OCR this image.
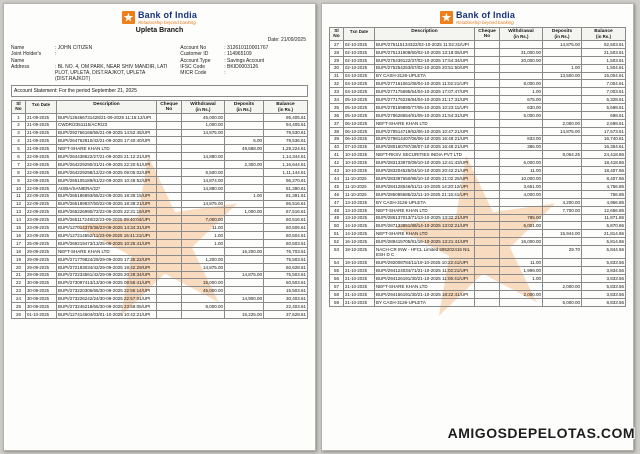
Bank of India
Relationship beyond banking
Upleta Branch
Date: 21/09/2025
Name	: JOHN CITIZEN
Joint Holder's Name
:
Address	: BL NO. 4, OM PARK, NEAR SHIV MANDIR, LATI PLOT, UPLETA, DIST.RAJKOT, UPLETA (DIST.RAJKOT)
Account No	: 312610110001767
Customer ID	: 114965109
Account Type	: Savings Account
IFSC Code	: BKID0003126
MICR Code	:
Account Statement: For the period September 21, 2025
Sl No	Txn Date	Description	Cheque No	Withdrawal
(in Rs.)	Deposits
(in Rs.)	Balance
(in Rs.)

1	21-09-2025	BUPI/126466731428/21-09-2025 11:15:12/UPI		45,000.00		95,405.61
2	21-09-2025	CWDR/2351115/ACR/23		1,000.00		94,405.61
3	21-09-2025	BUPI/292766166/55/21-09-2025 14:52:45/UPI		14,875.00		79,530.61
4	21-09-2025	BUPI/264762810/42/21-09-2025 17:40:40/UPI			6.00	79,536.61
5	21-09-2025	NEFT-SHARE KHAN LTD			49,688.00	1,29,224.61
6	22-09-2025	BUPI/264438622/27/21-09-2025 21:12:21/UPI		14,880.00		1,14,344.61
7	22-09-2025	BUPI/264229290/31/21-09-2025 22:20:51/UPI			2,300.00	1,16,644.61
8	22-09-2025	BUPI/264229298/12/22-09-2025 09:05:02/UPI		5,500.00		1,11,144.61
9	22-09-2025	BUPI/265105189/61/22-09-2025 10:48:52/UPI		14,874.00		96,270.61
10	22-09-2025	AISBA/SANIERA/22*		14,880.00		81,390.61
11	22-09-2025	BUPI/265186893/65/22-09-2025 18:36:15/UPI			1.00	81,391.61
12	22-09-2025	BUPI/265189937/50/22-09-2025 18:38:21/UPI		14,875.00		66,516.61
13	22-09-2025	BUPI/265226990/72/22-09-2025 22:31:16/UPI			1,000.00	67,516.61
14	23-09-2025	BUPI/265117248/22/23-09-2025 09:40:04/UPI		7,000.00		60,516.61
15	23-09-2025	BUPI/127014370/36/23-09-2025 14:34:31/UPI		11.00		60,505.61
16	23-09-2025	BUPI/127214552/11/23-09-2025 16:41:21/UPI		1.00		60,504.61
17	25-09-2025	BUPI/269219473/13/25-09-2025 10:25:41/UPI		1.00		60,503.61
18	29-09-2025	NEFT-SHARE KHAN LTD			16,200.00	76,703.61
19	29-09-2025	BUPI/271779824/29/29-09-2025 17:35:22/UPI		1,200.00		75,503.61
20	29-09-2025	BUPI/272193034/42/29-09-2025 19:42:29/UPI		14,875.00		60,628.61
21	29-09-2025	BUPI/272233561/42/29-09-2025 20:28:34/UPI			14,875.00	75,503.61
22	30-09-2025	BUPI/273097413/13/30-09-2025 09:55:41/UPI		15,000.00		60,503.61
23	30-09-2025	BUPI/273220306/65/30-09-2025 22:55:14/UPI		45,000.00		15,503.61
24	30-09-2025	BUPI/273226242/24/30-09-2025 22:57:01/UPI			14,900.00	30,403.61
25	30-09-2025	BUPI/273246218/65/30-09-2025 23:58:05/UPI		8,000.00		22,403.61
26	01-10-2025	BUPI/127414604/03/01-10-2025 10:42:21/UPI			15,225.00	37,628.61
Bank of India
Relationship beyond banking
Sl No	Txn Date	Description	Cheque No	Withdrawal
(in Rs.)	Deposits
(in Rs.)	Balance
(in Rs.)

27	02-10-2025	BUPI/275115134322/02-10-2025 11:02:31/UPI			14,875.00	52,503.61
28	02-10-2025	BUPI/275131908/60/02-10-2025 13:18:05/UPI		31,000.00		21,503.61
29	02-10-2025	BUPI/275439122/37/02-10-2025 17:54:34/UPI		20,000.00		1,503.61
30	02-10-2025	BUPI/275254253/67/02-10-2025 20:51:50/UPI			1.00	1,504.61
31	04-10-2025	BY CASH-3126-UPLETA			13,500.00	15,004.61
32	04-10-2025	BUPI/277161061/08/04-10-2025 11:02:21/UPI		8,000.00		7,004.61
33	04-10-2025	BUPI/277175695/54/04-10-2025 17:07:47/UPI		1.00		7,003.61
34	05-10-2025	BUPI/277176226/84/04-10-2025 21:17:31/UPI		675.00		6,328.61
35	05-10-2025	BUPI/278169890/77/05-10-2025 10:23:11/UPI		630.00		5,698.61
36	05-10-2025	BUPI/278628654/91/05-10-2025 21:54:31/UPI		5,000.00		698.61
37	06-10-2025	NEFT-SHARE KHAN LTD			2,000.00	2,698.61
38	06-10-2025	BUPI/279514719/62/06-10-2025 10:47:21/UPI			14,875.00	17,573.61
39	06-10-2025	BUPI/279814407/06/06-10-2025 16:48:21/UPI		833.00		16,740.61
40	07-10-2025	BUPI/280160797/38/07-10-2025 16:48:21/UPI		386.00		16,354.61
41	10-10-2025	NEFT-RKSV SECURITIES INDIA PVT LTD			8,064.25	24,418.86
42	10-10-2025	BUPI/283133970/09/10-10-2025 12:41:43/UPI		6,000.00		18,418.86
43	10-10-2025	BUPI/283204525/04/10-10-2025 20:42:21/UPI		11.00		18,407.86
44	11-10-2025	BUPI/283397650/98/10-10-2025 21:02:25/UPI		10,000.00		8,407.86
45	11-10-2025	BUPI/284128546/51/11-10-2025 14:20:12/UPI		3,651.00		4,756.86
46	11-10-2025	BUPI/285095685/22/11-10-2025 21:15:41/UPI		4,000.00		756.86
47	13-10-2025	BY CASH-3126-UPLETA			4,200.00	4,956.86
48	13-10-2025	NEFT-SHARE KHAN LTD			7,700.00	12,656.86
49	13-10-2025	BUPI/286137013/71/13-10-2025 13:32:21/UPI		785.00		11,871.86
50	14-10-2025	BUPI/287133851/88/14-10-2025 13:02:21/UPI		6,001.00		5,870.86
51	14-10-2025	NEFT-SHARE KHAN LTD			15,944.00	21,814.86
52	16-10-2025	BUPI/289415705/91/16-10-2025 13:21:41/UPI		16,000.00		5,814.86
53	18-10-2025	NACH-CR INW - HFCL Limited 595202416 NILESH D C			29.70	5,844.56
54	19-10-2025	BUPI/292008784/11/19-10-2025 10:22:41/UPI		11.00		5,833.56
55	21-10-2025	BUPI/294124034/71/21-10-2025 11:02:21/UPI		1,999.00		3,834.56
56	21-10-2025	BUPI/294126191/30/21-10-2025 11:05:41/UPI		1.00		3,833.56
57	21-10-2025	NEFT-SHARE KHAN LTD			2,000.00	5,833.56
58	21-10-2025	BUPI/294156191/30/21-10-2025 18:22:41/UPI		2,000.00		3,833.56
59	21-10-2025	BY CASH-3126-UPLETA			5,000.00	8,833.56
AMIGOSDEPELOTAS.COM
